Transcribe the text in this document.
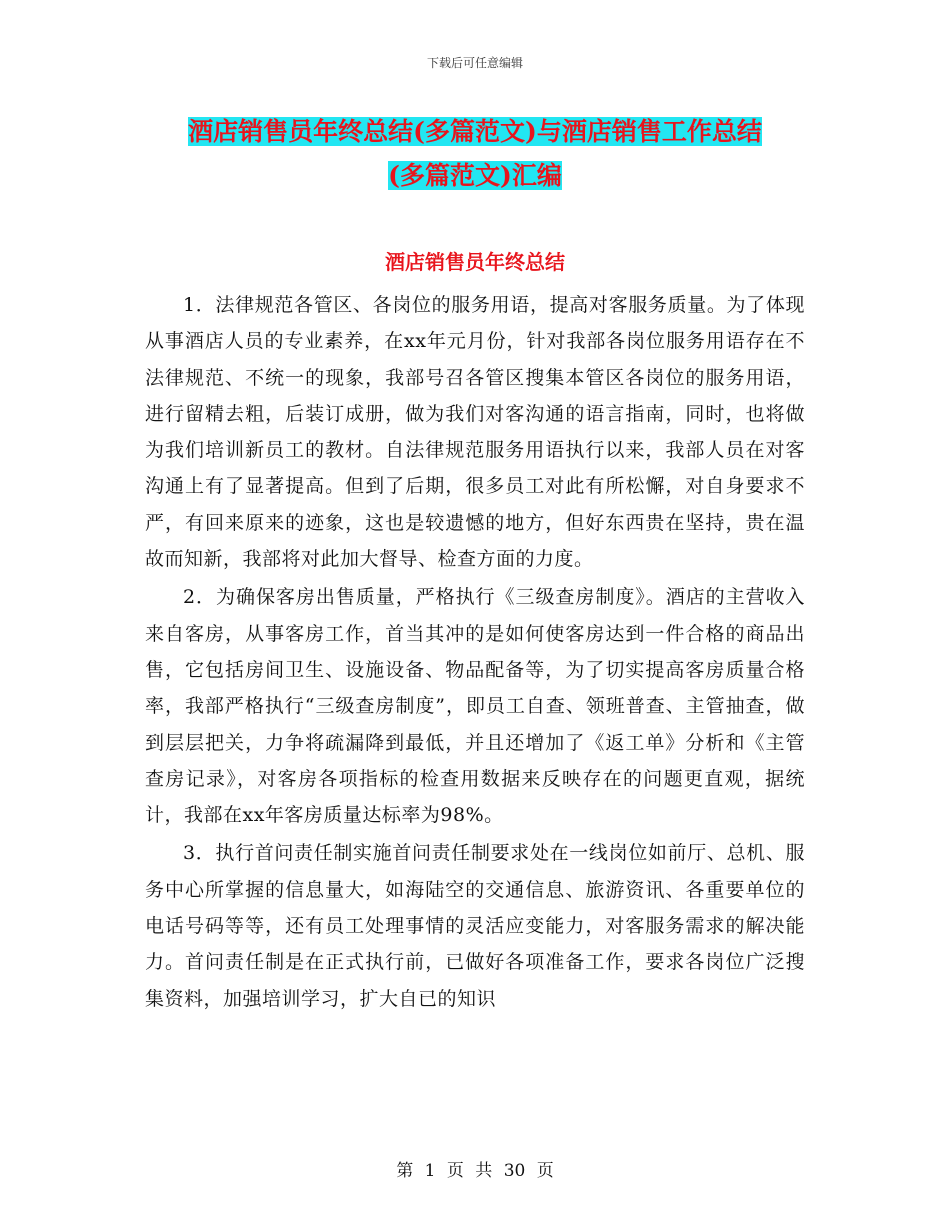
下载后可任意编辑
酒店销售员年终总结(多篇范文)与酒店销售工作总结
(多篇范文)汇编
酒店销售员年终总结

1．法律规范各管区、各岗位的服务用语，提高对客服务质量。为了体现从事酒店人员的专业素养，在xx年元月份，针对我部各岗位服务用语存在不法律规范、不统一的现象，我部号召各管区搜集本管区各岗位的服务用语，进行留精去粗，后装订成册，做为我们对客沟通的语言指南，同时，也将做为我们培训新员工的教材。自法律规范服务用语执行以来，我部人员在对客沟通上有了显著提高。但到了后期，很多员工对此有所松懈，对自身要求不严，有回来原来的迹象，这也是较遗憾的地方，但好东西贵在坚持，贵在温故而知新，我部将对此加大督导、检查方面的力度。

2．为确保客房出售质量，严格执行《三级查房制度》。酒店的主营收入来自客房，从事客房工作，首当其冲的是如何使客房达到一件合格的商品出售，它包括房间卫生、设施设备、物品配备等，为了切实提高客房质量合格率，我部严格执行“三级查房制度”，即员工自查、领班普查、主管抽查，做到层层把关，力争将疏漏降到最低，并且还增加了《返工单》分析和《主管查房记录》，对客房各项指标的检查用数据来反映存在的问题更直观，据统计，我部在xx年客房质量达标率为98%。

3．执行首问责任制实施首问责任制要求处在一线岗位如前厅、总机、服务中心所掌握的信息量大，如海陆空的交通信息、旅游资讯、各重要单位的电话号码等等，还有员工处理事情的灵活应变能力，对客服务需求的解决能力。首问责任制是在正式执行前，已做好各项准备工作，要求各岗位广泛搜集资料，加强培训学习，扩大自已的知识

第 1 页 共 30 页
